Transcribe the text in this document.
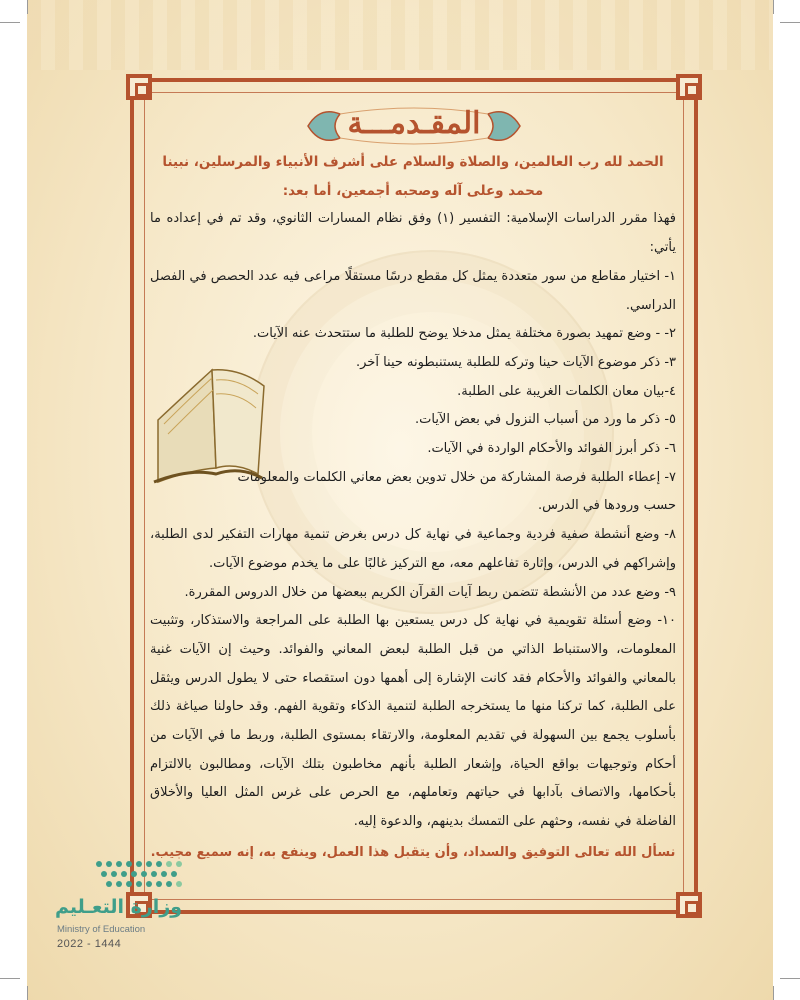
المقـدمـــة

الحمد لله رب العالمين، والصلاة والسلام على أشرف الأنبياء والمرسلين، نبينا محمد وعلى آله وصحبه أجمعين، أما بعد:

فهذا مقرر الدراسات الإسلامية: التفسير (١) وفق نظام المسارات الثانوي، وقد تم في إعداده ما يأتي:

١- اختيار مقاطع من سور متعددة يمثل كل مقطع درسًا مستقلًا مراعى فيه عدد الحصص في الفصل الدراسي.

٢- - وضع تمهيد بصورة مختلفة يمثل مدخلا يوضح للطلبة ما ستتحدث عنه الآيات.

٣- ذكر موضوع الآيات حينا وتركه للطلبة يستنبطونه حينا آخر.

٤-بيان معان الكلمات الغريبة على الطلبة.

٥- ذكر ما ورد من أسباب النزول في بعض الآيات.

٦- ذكر أبرز الفوائد والأحكام الواردة في الآيات.

٧- إعطاء الطلبة فرصة المشاركة من خلال تدوين بعض معاني الكلمات والمعلومات

حسب ورودها في الدرس.

٨- وضع أنشطة صفية فردية وجماعية في نهاية كل درس بغرض تنمية مهارات التفكير لدى الطلبة، وإشراكهم في الدرس، وإثارة تفاعلهم معه، مع التركيز غالبًا على ما يخدم موضوع الآيات.

٩- وضع عدد من الأنشطة تتضمن ربط آيات القرآن الكريم ببعضها من خلال الدروس المقررة.

١٠- وضع أسئلة تقويمية في نهاية كل درس يستعين بها الطلبة على المراجعة والاستذكار، وتثبيت المعلومات، والاستنباط الذاتي من قبل الطلبة لبعض المعاني والفوائد. وحيث إن الآيات غنية بالمعاني والفوائد والأحكام فقد كانت الإشارة إلى أهمها دون استقصاء حتى لا يطول الدرس ويثقل على الطلبة، كما تركنا منها ما يستخرجه الطلبة لتنمية الذكاء وتقوية الفهم. وقد حاولنا صياغة ذلك بأسلوب يجمع بين السهولة في تقديم المعلومة، والارتقاء بمستوى الطلبة، وربط ما في الآيات من أحكام وتوجيهات بواقع الحياة، وإشعار الطلبة بأنهم مخاطبون بتلك الآيات، ومطالبون بالالتزام بأحكامها، والاتصاف بآدابها في حياتهم وتعاملهم، مع الحرص على غرس المثل العليا والأخلاق الفاضلة في نفسه، وحثهم على التمسك بدينهم، والدعوة إليه.

نسأل الله تعالى التوفيق والسداد، وأن يتقبل هذا العمل، وينفع به، إنه سميع مجيب.

وزارة التعـليم
Ministry of Education
2022 - 1444
